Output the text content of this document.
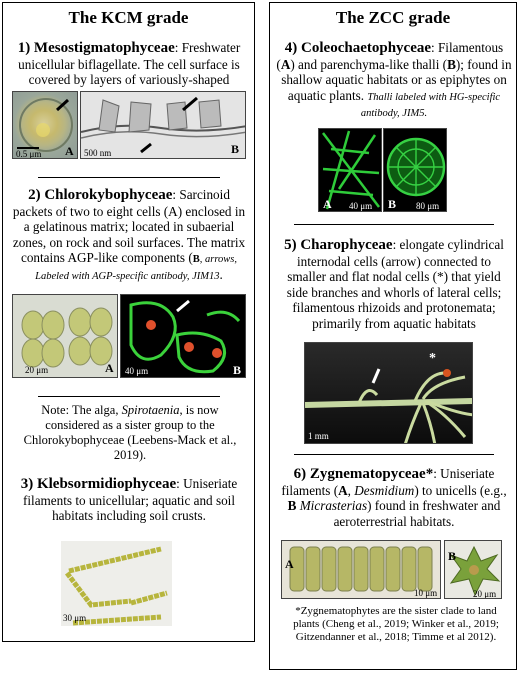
The KCM grade
1) Mesostigmatophyceae: Freshwater unicellular biflagellate. The cell surface is covered by layers of variously-shaped
A
0.5 μm	B
500 nm
2) Chlorokybophyceae: Sarcinoid packets of two to eight cells (A) enclosed in a gelatinous matrix; located in subaerial zones, on rock and soil surfaces. The matrix contains AGP-like components (B, arrows, Labeled with AGP-specific antibody, JIM13.
A
20 μm	B
40 μm
Note: The alga, Spirotaenia, is now considered as a sister group to the Chlorokybophyceae (Leebens-Mack et al., 2019).
3) Klebsormidiophyceae: Uniseriate filaments to unicellular; aquatic and soil habitats including soil crusts.
30 μm
The ZCC grade
4) Coleochaetophyceae: Filamentous (A) and parenchyma-like thalli (B); found in shallow aquatic habitats or as epiphytes on aquatic plants. Thalli labeled with HG-specific antibody, JIM5.
A 40 μm B 80 μm
5) Charophyceae: elongate cylindrical internodal cells (arrow) connected to smaller and flat nodal cells (*) that yield side branches and whorls of lateral cells; filamentous rhizoids and protonemata; primarily from aquatic habitats
*
1 mm
6) Zygnematopyceae*: Uniseriate filaments (A, Desmidium) to unicells (e.g., B Micrasterias) found in freshwater and aeroterrestrial habitats.
A
10 μm
B
20 μm
*Zygnematophytes are the sister clade to land plants (Cheng et al., 2019; Winker et al., 2019; Gitzendanner et al., 2018; Timme et al 2012).
